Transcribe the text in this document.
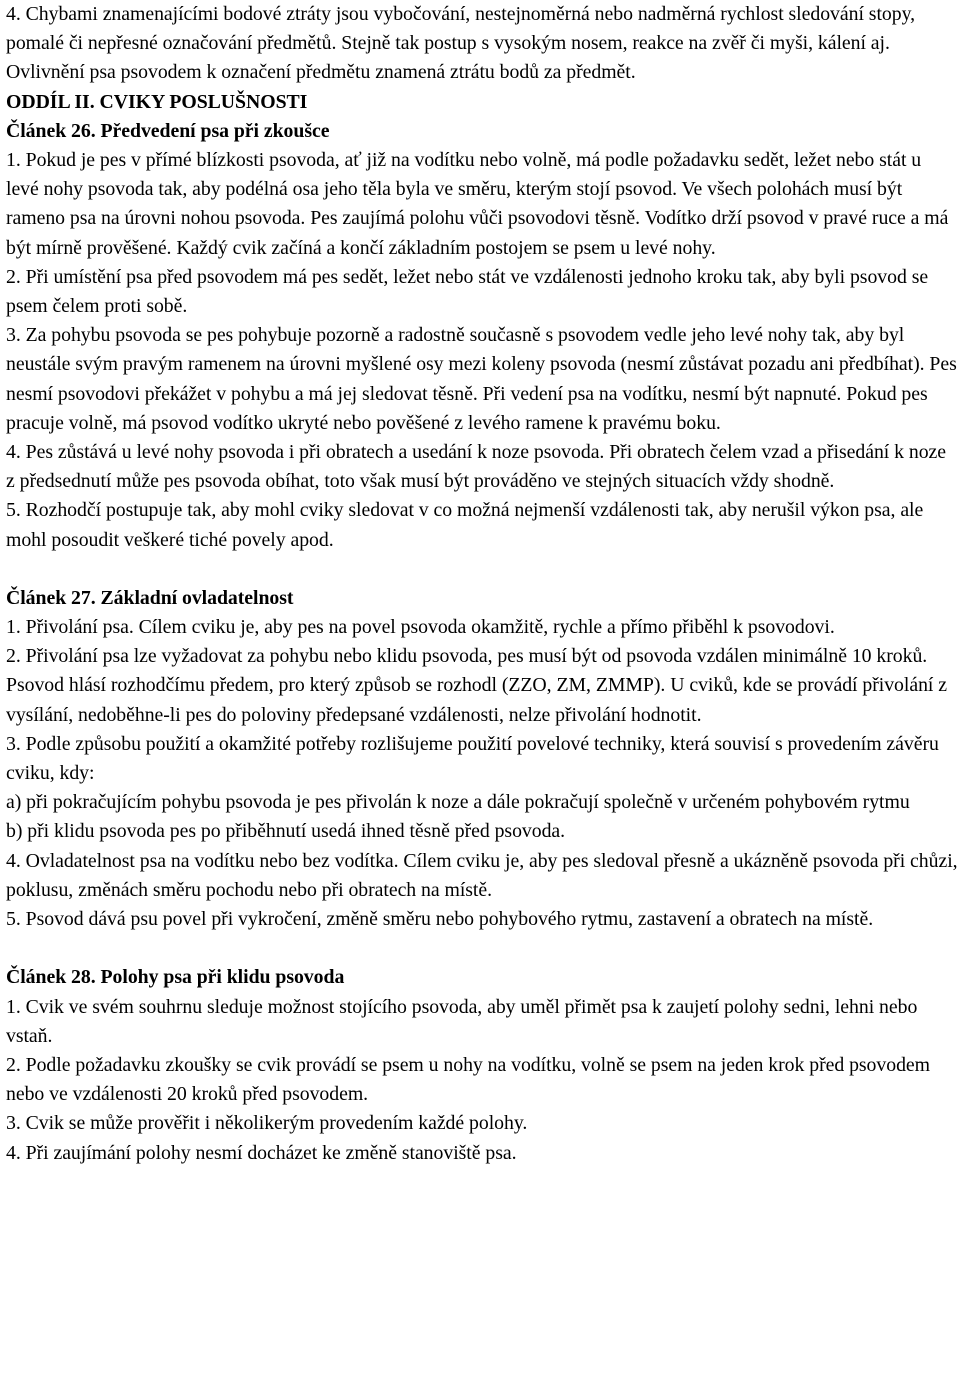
4. Chybami znamenajícími bodové ztráty jsou vybočování, nestejnoměrná nebo nadměrná rychlost sledování stopy, pomalé či nepřesné označování předmětů. Stejně tak postup s vysokým nosem, reakce na zvěř či myši, kálení aj. Ovlivnění psa psovodem k označení předmětu znamená ztrátu bodů za předmět.

ODDÍL II. CVIKY POSLUŠNOSTI

Článek 26. Předvedení psa při zkoušce

1. Pokud je pes v přímé blízkosti psovoda, ať již na vodítku nebo volně, má podle požadavku sedět, ležet nebo stát u levé nohy psovoda tak, aby podélná osa jeho těla byla ve směru, kterým stojí psovod. Ve všech polohách musí být rameno psa na úrovni nohou psovoda. Pes zaujímá polohu vůči psovodovi těsně. Vodítko drží psovod v pravé ruce a má být mírně prověšené. Každý cvik začíná a končí základním postojem se psem u levé nohy.

2. Při umístění psa před psovodem má pes sedět, ležet nebo stát ve vzdálenosti jednoho kroku tak, aby byli psovod se psem čelem proti sobě.

3. Za pohybu psovoda se pes pohybuje pozorně a radostně současně s psovodem vedle jeho levé nohy tak, aby byl neustále svým pravým ramenem na úrovni myšlené osy mezi koleny psovoda (nesmí zůstávat pozadu ani předbíhat). Pes nesmí psovodovi překážet v pohybu a má jej sledovat těsně. Při vedení psa na vodítku, nesmí být napnuté. Pokud pes pracuje volně, má psovod vodítko ukryté nebo pověšené z levého ramene k pravému boku.

4. Pes zůstává u levé nohy psovoda i při obratech a usedání k noze psovoda. Při obratech čelem vzad a přisedání k noze z předsednutí může pes psovoda obíhat, toto však musí být prováděno ve stejných situacích vždy shodně.

5. Rozhodčí postupuje tak, aby mohl cviky sledovat v co možná nejmenší vzdálenosti tak, aby nerušil výkon psa, ale mohl posoudit veškeré tiché povely apod.

Článek 27. Základní ovladatelnost

1. Přivolání psa. Cílem cviku je, aby pes na povel psovoda okamžitě, rychle a přímo přiběhl k psovodovi.

2. Přivolání psa lze vyžadovat za pohybu nebo klidu psovoda, pes musí být od psovoda vzdálen minimálně 10 kroků. Psovod hlásí rozhodčímu předem, pro který způsob se rozhodl (ZZO, ZM, ZMMP). U cviků, kde se provádí přivolání z vysílání, nedoběhne-li pes do poloviny předepsané vzdálenosti, nelze přivolání hodnotit.

3. Podle způsobu použití a okamžité potřeby rozlišujeme použití povelové techniky, která souvisí s provedením závěru cviku, kdy:

a) při pokračujícím pohybu psovoda je pes přivolán k noze a dále pokračují společně v určeném pohybovém rytmu

b) při klidu psovoda pes po přiběhnutí usedá ihned těsně před psovoda.

4. Ovladatelnost psa na vodítku nebo bez vodítka. Cílem cviku je, aby pes sledoval přesně a ukázněně psovoda při chůzi, poklusu, změnách směru pochodu nebo při obratech na místě.

5. Psovod dává psu povel při vykročení, změně směru nebo pohybového rytmu, zastavení a obratech na místě.

Článek 28. Polohy psa při klidu psovoda

1. Cvik ve svém souhrnu sleduje možnost stojícího psovoda, aby uměl přimět psa k zaujetí polohy sedni, lehni nebo vstaň.

2. Podle požadavku zkoušky se cvik provádí se psem u nohy na vodítku, volně se psem na jeden krok před psovodem nebo ve vzdálenosti 20 kroků před psovodem.

3. Cvik se může prověřit i několikerým provedením každé polohy.

4. Při zaujímání polohy nesmí docházet ke změně stanoviště psa.
